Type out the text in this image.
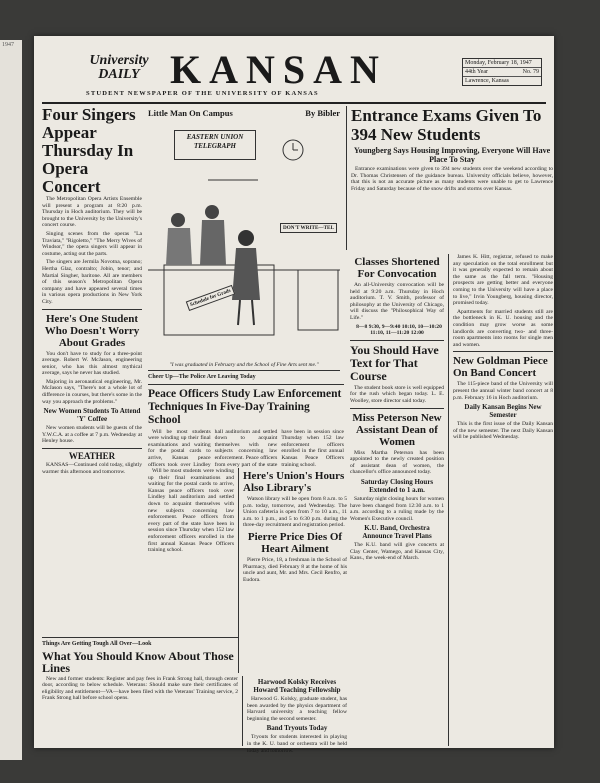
University
DAILY KANSAN
STUDENT NEWSPAPER OF THE UNIVERSITY OF KANSAS
Monday, February 18, 1947
44th Year	No. 79
Lawrence, Kansas
Four Singers Appear Thursday In Opera Concert

The Metropolitan Opera Artists Ensemble will present a program at 8:20 p.m. Thursday in Hoch auditorium. They will be brought to the University by the University's concert course.

Singing scenes from the operas "La Traviata," "Rigoletto," "The Merry Wives of Windsor," the opera singers will appear in costume, acting out the parts.

The singers are Jermila Novotna, soprano; Hertha Glaz, contralto; Jobin, tenor; and Martial Singher, baritone. All are members of this season's Metropolitan Opera company and have appeared several times in various opera productions in New York City.

Here's One Student Who Doesn't Worry About Grades

You don't have to study for a three-point average. Robert W. McJason, engineering senior, who has this almost mythical average, says he never has studied.

Majoring in aeronautical engineering, Mr. McJason says, "There's not a whole lot of difference in courses, but there's some in the way you approach the problems."

New Women Students To Attend 'Y' Coffee

New women students will be guests of the Y.W.C.A. at a coffee at 7 p.m. Wednesday at Henley house.

WEATHER

KANSAS—Continued cold today, slightly warmer this afternoon and tomorrow.

Little Man On Campus	By Bibler
EASTERN UNION TELEGRAPH
DON'T WRITE—TEL
Schedule for Grads
"I was graduated in February and the School of Fine Arts sent me."
Cheer Up—The Police Are Leaving Today
Peace Officers Study Law Enforcement Techniques In Five-Day Training School

Will be most students were winding up their final examinations and waiting for the postal cards to arrive, Kansas peace officers took over Lindley hall auditorium and settled down to acquaint themselves with new subjects concerning law enforcement. Peace officers from every part of the state have been in session since Thursday when 152 law enforcement officers enrolled in the first annual Kansas Peace Officers training school.

Here's Union's Hours Also Library's

Watson library will be open from 8 a.m. to 5 p.m. today, tomorrow, and Wednesday. The Union cafeteria is open from 7 to 10 a.m., 11 a.m. to 1 p.m., and 5 to 6:30 p.m. during the three-day recruitment and registration period.

Pierre Price Dies Of Heart Ailment

Pierre Price, 18, a freshman in the School of Pharmacy, died February 8 at the home of his uncle and aunt, Mr. and Mrs. Cecil Renfro, at Eudora.

Will be most students were winding up their final examinations and waiting for the postal cards to arrive, Kansas peace officers took over Lindley hall auditorium and settled down to acquaint themselves with new subjects concerning law enforcement. Peace officers from every part of the state have been in session since Thursday when 152 law enforcement officers enrolled in the first annual Kansas Peace Officers training school.

Things Are Getting Tough All Over—Look
What You Should Know About Those Lines

New and former students: Register and pay fees in Frank Strong hall, through center door, according to below schedule. Veterans: Should make sure their certificates of eligibility and entitlement—VA—have been filed with the Veterans' Training service, 2 Frank Strong hall before school opens.

Harwood Kolsky Receives Howard Teaching Fellowship

Harwood G. Kolsky, graduate student, has been awarded by the physics department of Harvard university a teaching fellow beginning the second semester.

Band Tryouts Today

Tryouts for students interested in playing in the K. U. band or orchestra will be held today and tomorrow.

Entrance Exams Given To 394 New Students
Youngberg Says Housing Improving, Everyone Will Have Place To Stay

Entrance examinations were given to 394 new students over the weekend according to Dr. Thomas Christensen of the guidance bureau. University officials believe, however, that this is not an accurate picture as many students were unable to get to Lawrence Friday and Saturday because of the snow drifts and storms over Kansas.

Classes Shortened For Convocation

An all-University convocation will be held at 9:20 a.m. Thursday in Hoch auditorium. T. V. Smith, professor of philosophy at the University of Chicago, will discuss the "Philosophical Way of Life."

8—8 9:30, 9—9:40 10:10, 10—10:20 11:10, 11—11:20 12:00

You Should Have Text for That Course

The student book store is well equipped for the rush which began today. L. E. Woolley, store director said today.

Miss Peterson New Assistant Dean of Women

Miss Martha Peterson has been appointed to the newly created position of assistant dean of women, the chancellor's office announced today.

Saturday Closing Hours Extended to 1 a.m.

Saturday night closing hours for women have been changed from 12:30 a.m. to 1 a.m. according to a ruling made by the Women's Executive council.

K.U. Band, Orchestra Announce Travel Plans

The K.U. band will give concerts at Clay Center, Wamego, and Kansas City, Kans., the week-end of March.

James K. Hitt, registrar, refused to make any speculation on the total enrollment but it was generally expected to remain about the same as the fall term. "Housing prospects are getting better and everyone coming to the University will have a place to live," Irvin Youngberg, housing director, promised today.

Apartments for married students still are the bottleneck in K. U. housing and the condition may grow worse as some landlords are converting two- and three-room apartments into rooms for single men and women.

New Goldman Piece On Band Concert

The 115-piece band of the University will present the annual winter band concert at 8 p.m. February 16 in Hoch auditorium.

Daily Kansan Begins New Semester

This is the first issue of the Daily Kansan of the new semester. The next Daily Kansan will be published Wednesday.

1947
